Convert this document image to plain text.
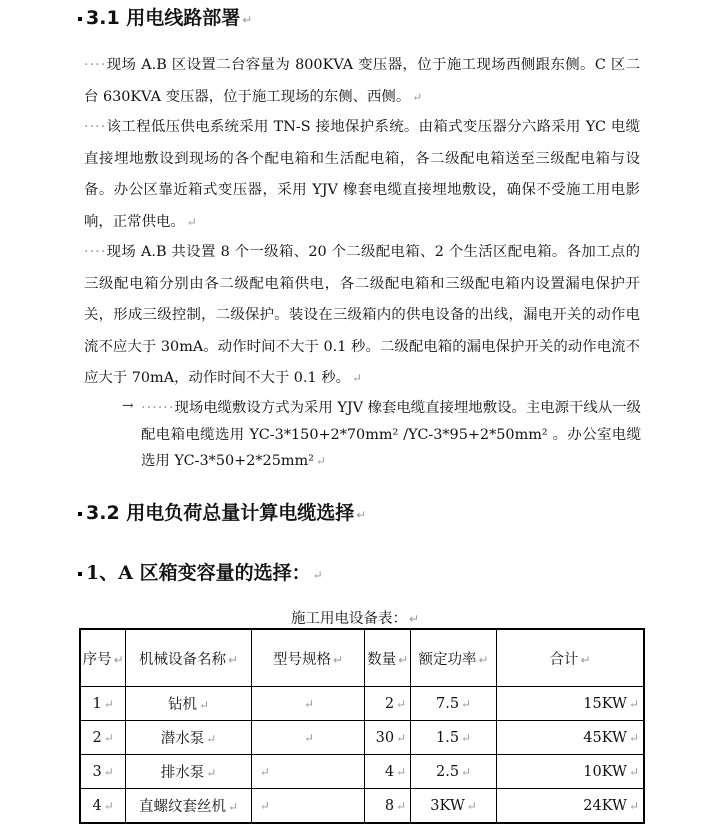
3.1 用电线路部署 ↵
····现场 A.B 区设置二台容量为 800KVA 变压器，位于施工现场西侧跟东侧。C 区二台 630KVA 变压器，位于施工现场的东侧、西侧。 ↵
····该工程低压供电系统采用 TN-S 接地保护系统。由箱式变压器分六路采用 YC 电缆直接埋地敷设到现场的各个配电箱和生活配电箱，各二级配电箱送至三级配电箱与设备。办公区靠近箱式变压器，采用 YJV 橡套电缆直接埋地敷设，确保不受施工用电影响，正常供电。 ↵
····现场 A.B 共设置 8 个一级箱、20 个二级配电箱、2 个生活区配电箱。各加工点的三级配电箱分别由各二级配电箱供电，各二级配电箱和三级配电箱内设置漏电保护开关，形成三级控制，二级保护。装设在三级箱内的供电设备的出线，漏电开关的动作电流不应大于 30mA。动作时间不大于 0.1 秒。二级配电箱的漏电保护开关的动作电流不应大于 70mA，动作时间不大于 0.1 秒。 ↵
→ ······现场电缆敷设方式为采用 YJV 橡套电缆直接埋地敷设。主电源干线从一级配电箱电缆选用 YC-3*150+2*70mm² /YC-3*95+2*50mm² 。办公室电缆选用 YC-3*50+2*25mm² ↵
3.2 用电负荷总量计算电缆选择 ↵
1、A 区箱变容量的选择： ↵
施工用电设备表： ↵
序号 ↵	机械设备名称 ↵	型号规格 ↵	数量 ↵	额定功率 ↵	合计 ↵
1 ↵	钻机 ↵	↵	2 ↵	7.5 ↵	15KW ↵
2 ↵	潜水泵 ↵	↵	30 ↵	1.5 ↵	45KW ↵
3 ↵	排水泵 ↵	↵	4 ↵	2.5 ↵	10KW ↵
4 ↵	直螺纹套丝机 ↵	↵	8 ↵	3KW ↵	24KW ↵
